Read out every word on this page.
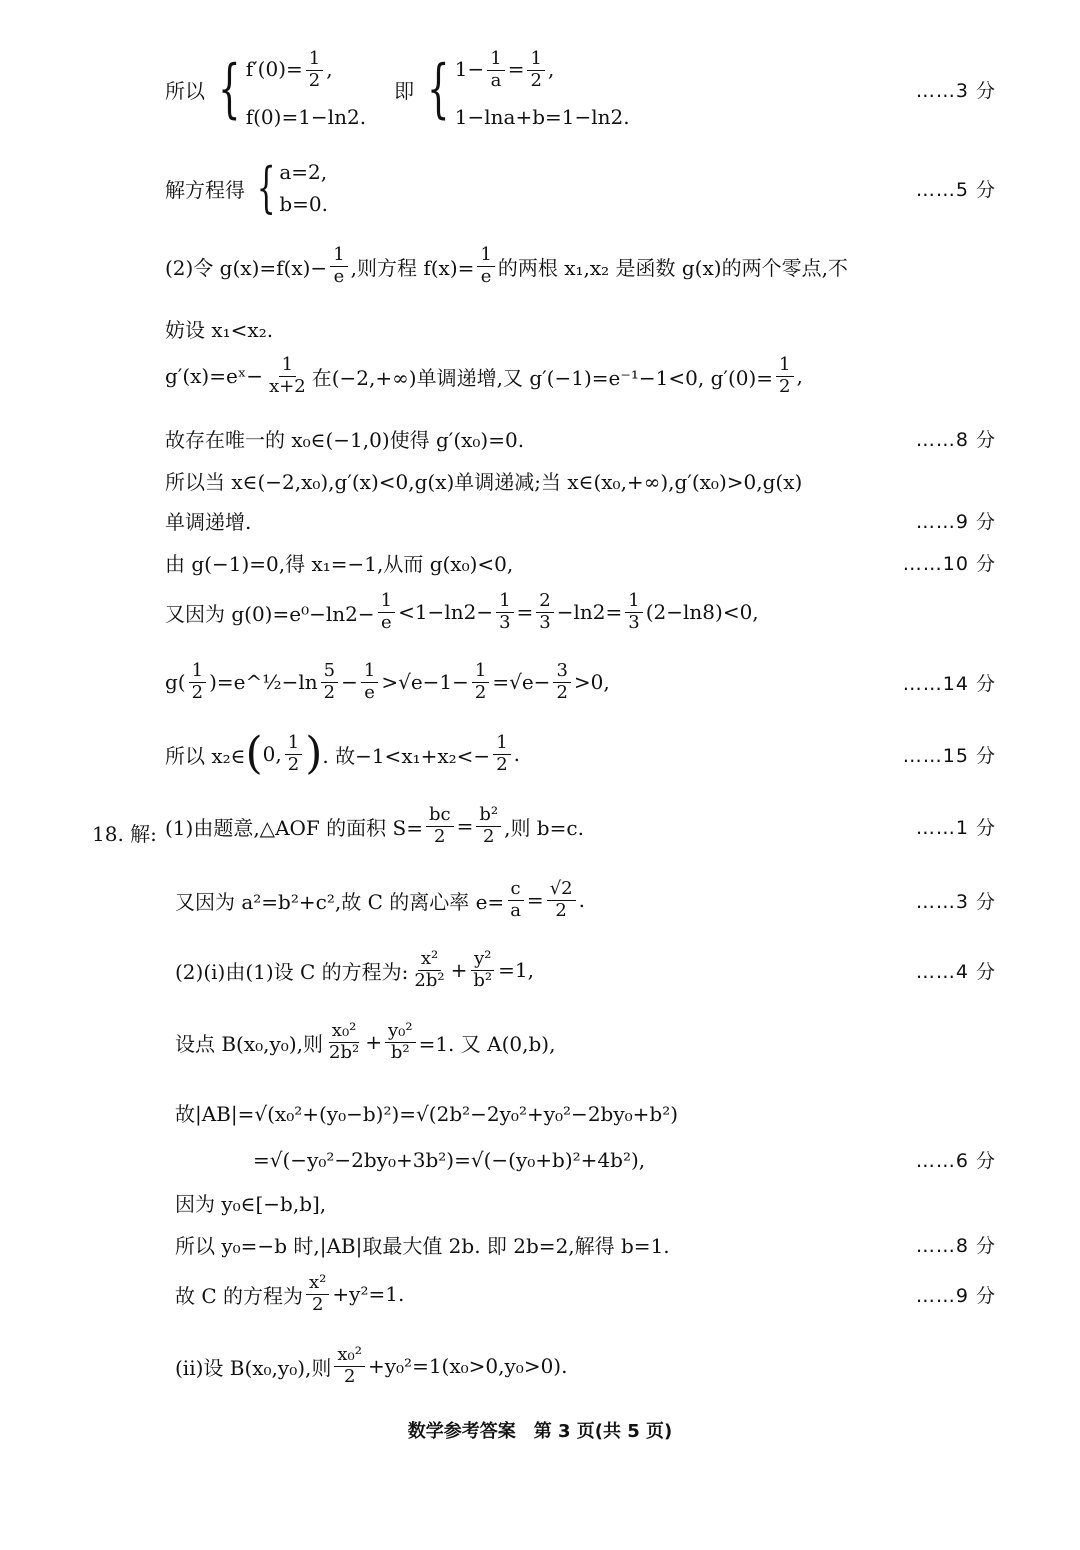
所以 { $f'(0)= \frac{1}{2}$ ,
f(0)=1−ln2.
即 { $1- \frac{1}{a} = \frac{1}{2}$ ,
1−lna+b=1−ln2.
……3 分
解方程得 { a=2,
b=0.
……5 分
(2)令 $g(x)=f(x)- \frac{1}{e}$ ,则方程 $f(x)= \frac{1}{e}$ 的两根 x₁,x₂ 是函数 g(x)的两个零点,不
妨设 x₁<x₂.
g′(x)=eˣ− $\frac{1}{x+2}$ 在(−2,+∞)单调递增,又 g′(−1)=e⁻¹−1<0, $g'(0)= \frac{1}{2}$ ,
故存在唯一的 x₀∈(−1,0)使得 g′(x₀)=0.	……8 分
所以当 x∈(−2,x₀),g′(x)<0,g(x)单调递减;当 x∈(x₀,+∞),g′(x₀)>0,g(x)
单调递增.	……9 分
由 g(−1)=0,得 x₁=−1,从而 g(x₀)<0,	……10 分
又因为 $g(0)=e^0-\ln 2- \frac{1}{e} <1-\ln 2- \frac{1}{3} = \frac{2}{3} -\ln 2= \frac{1}{3} (2-\ln 8)<0$,
$g( \frac{1}{2}$ )=e^½−ln $\frac{5}{2} - \frac{1}{e} >√e-1- \frac{1}{2} =√e- \frac{3}{2} >0$,	……14 分
所以 x₂∈ ( 0, $\frac{1}{2}$ ) . 故$-1<x_1+x_2<- \frac{1}{2}$ .	……15 分
18. 解: (1)由题意,△AOF 的面积 $S= \frac{bc}{2} = \frac{\text{b²}}{2}$ ,则 b=c.	……1 分
又因为 a²=b²+c²,故 C 的离心率 $e= \frac{c}{a} = \frac{√2}{2}$ .	……3 分
(2)(i)由(1)设 C 的方程为: $\frac{\text{x²}}{\text{2b²}} + \frac{\text{y²}}{\text{b²}} =1$,	……4 分
设点 B(x₀,y₀),则 $\frac{\text{x₀²}}{\text{2b²}} + \frac{\text{y₀²}}{\text{b²}} =1$. 又 A(0,b),
故|AB|=√(x₀²+(y₀−b)²)=√(2b²−2y₀²+y₀²−2by₀+b²)
=√(−y₀²−2by₀+3b²)=√(−(y₀+b)²+4b²),	……6 分
因为 y₀∈[−b,b],
所以 y₀=−b 时,|AB|取最大值 2b. 即 2b=2,解得 b=1.	……8 分
故 C 的方程为 $\frac{\text{x²}}{2} +y^2=1$.	……9 分
(ii)设 B(x₀,y₀),则 $\frac{\text{x₀²}}{2} +y_0^2=1(x_0>0,y_0>0)$.
数学参考答案　第 3 页(共 5 页)
